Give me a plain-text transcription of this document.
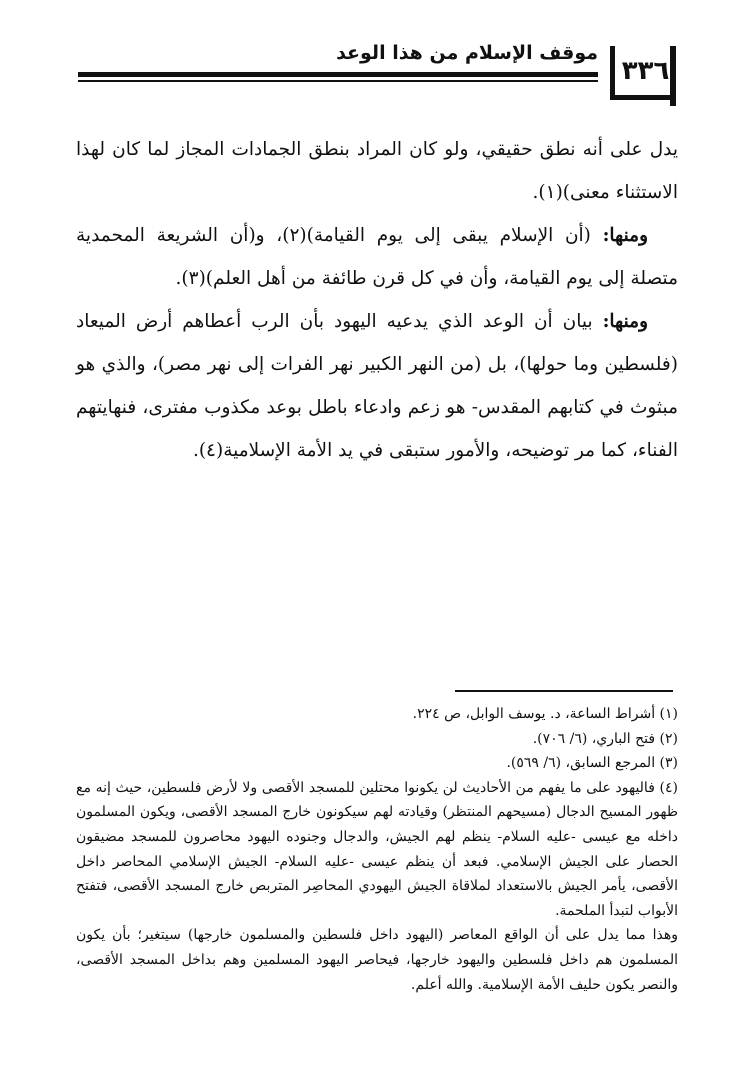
موقف الإسلام من هذا الوعد
٣٣٦

يدل على أنه نطق حقيقي، ولو كان المراد بنطق الجمادات المجاز لما كان لهذا الاستثناء معنى)(١).

ومنها: (أن الإسلام يبقى إلى يوم القيامة)(٢)، و(أن الشريعة المحمدية متصلة إلى يوم القيامة، وأن في كل قرن طائفة من أهل العلم)(٣).

ومنها: بيان أن الوعد الذي يدعيه اليهود بأن الرب أعطاهم أرض الميعاد (فلسطين وما حولها)، بل (من النهر الكبير نهر الفرات إلى نهر مصر)، والذي هو مبثوث في كتابهم المقدس- هو زعم وادعاء باطل بوعد مكذوب مفترى، فنهايتهم الفناء، كما مر توضيحه، والأمور ستبقى في يد الأمة الإسلامية(٤).

(١) أشراط الساعة، د. يوسف الوابل، ص ٢٢٤.

(٢) فتح الباري، (٦/ ٧٠٦).

(٣) المرجع السابق، (٦/ ٥٦٩).

(٤) فاليهود على ما يفهم من الأحاديث لن يكونوا محتلين للمسجد الأقصى ولا لأرض فلسطين، حيث إنه مع ظهور المسيح الدجال (مسيحهم المنتظر) وقيادته لهم سيكونون خارج المسجد الأقصى، ويكون المسلمون داخله مع عيسى -عليه السلام- ينظم لهم الجيش، والدجال وجنوده اليهود محاصرون للمسجد مضيقون الحصار على الجيش الإسلامي. فبعد أن ينظم عيسى -عليه السلام- الجيش الإسلامي المحاصر داخل الأقصى، يأمر الجيش بالاستعداد لملاقاة الجيش اليهودي المحاصِر المتربص خارج المسجد الأقصى، فتفتح الأبواب لتبدأ الملحمة.

وهذا مما يدل على أن الواقع المعاصر (اليهود داخل فلسطين والمسلمون خارجها) سيتغير؛ بأن يكون المسلمون هم داخل فلسطين واليهود خارجها، فيحاصر اليهود المسلمين وهم بداخل المسجد الأقصى، والنصر يكون حليف الأمة الإسلامية. والله أعلم.
